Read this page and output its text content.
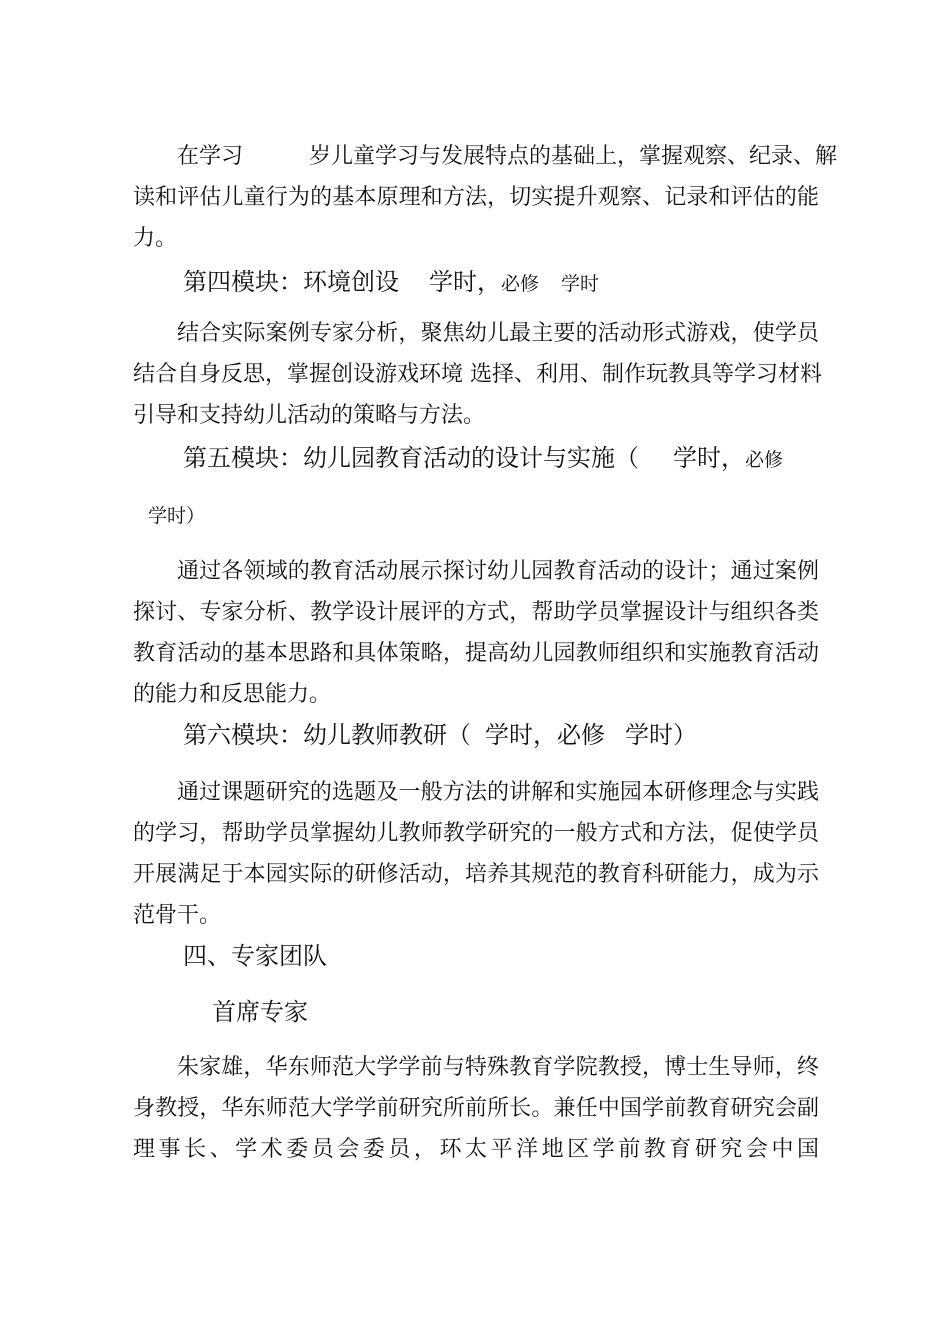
在学习	岁儿童学习与发展特点的基础上，掌握观察、纪录、解
读和评估儿童行为的基本原理和方法，切实提升观察、记录和评估的能
力。
第四模块：环境创设 学时，必修 学时
结合实际案例专家分析，聚焦幼儿最主要的活动形式游戏，使学员
结合自身反思，掌握创设游戏环境 选择、利用、制作玩教具等学习材料
引导和支持幼儿活动的策略与方法。
第五模块：幼儿园教育活动的设计与实施（ 学时，必修
学时）
通过各领域的教育活动展示探讨幼儿园教育活动的设计；通过案例
探讨、专家分析、教学设计展评的方式，帮助学员掌握设计与组织各类
教育活动的基本思路和具体策略，提高幼儿园教师组织和实施教育活动
的能力和反思能力。
第六模块：幼儿教师教研（ 学时，必修 学时）
通过课题研究的选题及一般方法的讲解和实施园本研修理念与实践
的学习，帮助学员掌握幼儿教师教学研究的一般方式和方法，促使学员
开展满足于本园实际的研修活动，培养其规范的教育科研能力，成为示
范骨干。
四、专家团队
首席专家
朱家雄，华东师范大学学前与特殊教育学院教授，博士生导师，终
身教授，华东师范大学学前研究所前所长。兼任中国学前教育研究会副
理事长、学术委员会委员，环太平洋地区学前教育研究会中国
